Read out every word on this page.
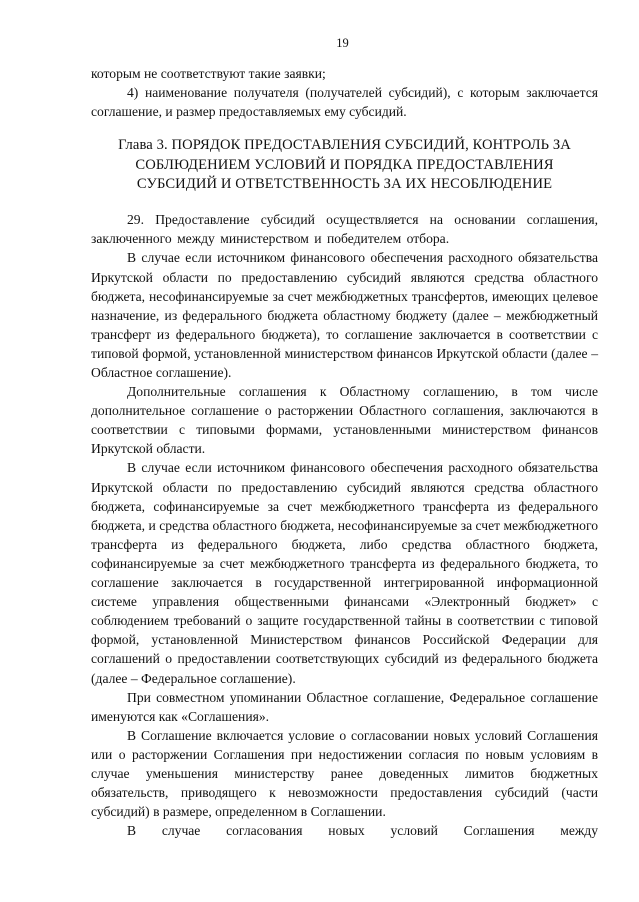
19

которым не соответствуют такие заявки;

4) наименование получателя (получателей субсидий), с которым заключается соглашение, и размер предоставляемых ему субсидий.

Глава 3. ПОРЯДОК ПРЕДОСТАВЛЕНИЯ СУБСИДИЙ, КОНТРОЛЬ ЗА
СОБЛЮДЕНИЕМ УСЛОВИЙ И ПОРЯДКА ПРЕДОСТАВЛЕНИЯ
СУБСИДИЙ И ОТВЕТСТВЕННОСТЬ ЗА ИХ НЕСОБЛЮДЕНИЕ

29. Предоставление субсидий осуществляется на основании соглашения, заключенного между министерством и победителем отбора.

В случае если источником финансового обеспечения расходного обязательства Иркутской области по предоставлению субсидий являются средства областного бюджета, несофинансируемые за счет межбюджетных трансфертов, имеющих целевое назначение, из федерального бюджета областному бюджету (далее – межбюджетный трансферт из федерального бюджета), то соглашение заключается в соответствии с типовой формой, установленной министерством финансов Иркутской области (далее – Областное соглашение).

Дополнительные соглашения к Областному соглашению, в том числе дополнительное соглашение о расторжении Областного соглашения, заключаются в соответствии с типовыми формами, установленными министерством финансов Иркутской области.

В случае если источником финансового обеспечения расходного обязательства Иркутской области по предоставлению субсидий являются средства областного бюджета, софинансируемые за счет межбюджетного трансферта из федерального бюджета, и средства областного бюджета, несофинансируемые за счет межбюджетного трансферта из федерального бюджета, либо средства областного бюджета, софинансируемые за счет межбюджетного трансферта из федерального бюджета, то соглашение заключается в государственной интегрированной информационной системе управления общественными финансами «Электронный бюджет» с соблюдением требований о защите государственной тайны в соответствии с типовой формой, установленной Министерством финансов Российской Федерации для соглашений о предоставлении соответствующих субсидий из федерального бюджета (далее – Федеральное соглашение).

При совместном упоминании Областное соглашение, Федеральное соглашение именуются как «Соглашения».

В Соглашение включается условие о согласовании новых условий Соглашения или о расторжении Соглашения при недостижении согласия по новым условиям в случае уменьшения министерству ранее доведенных лимитов бюджетных обязательств, приводящего к невозможности предоставления субсидий (части субсидий) в размере, определенном в Соглашении.

В случае согласования новых условий Соглашения между
